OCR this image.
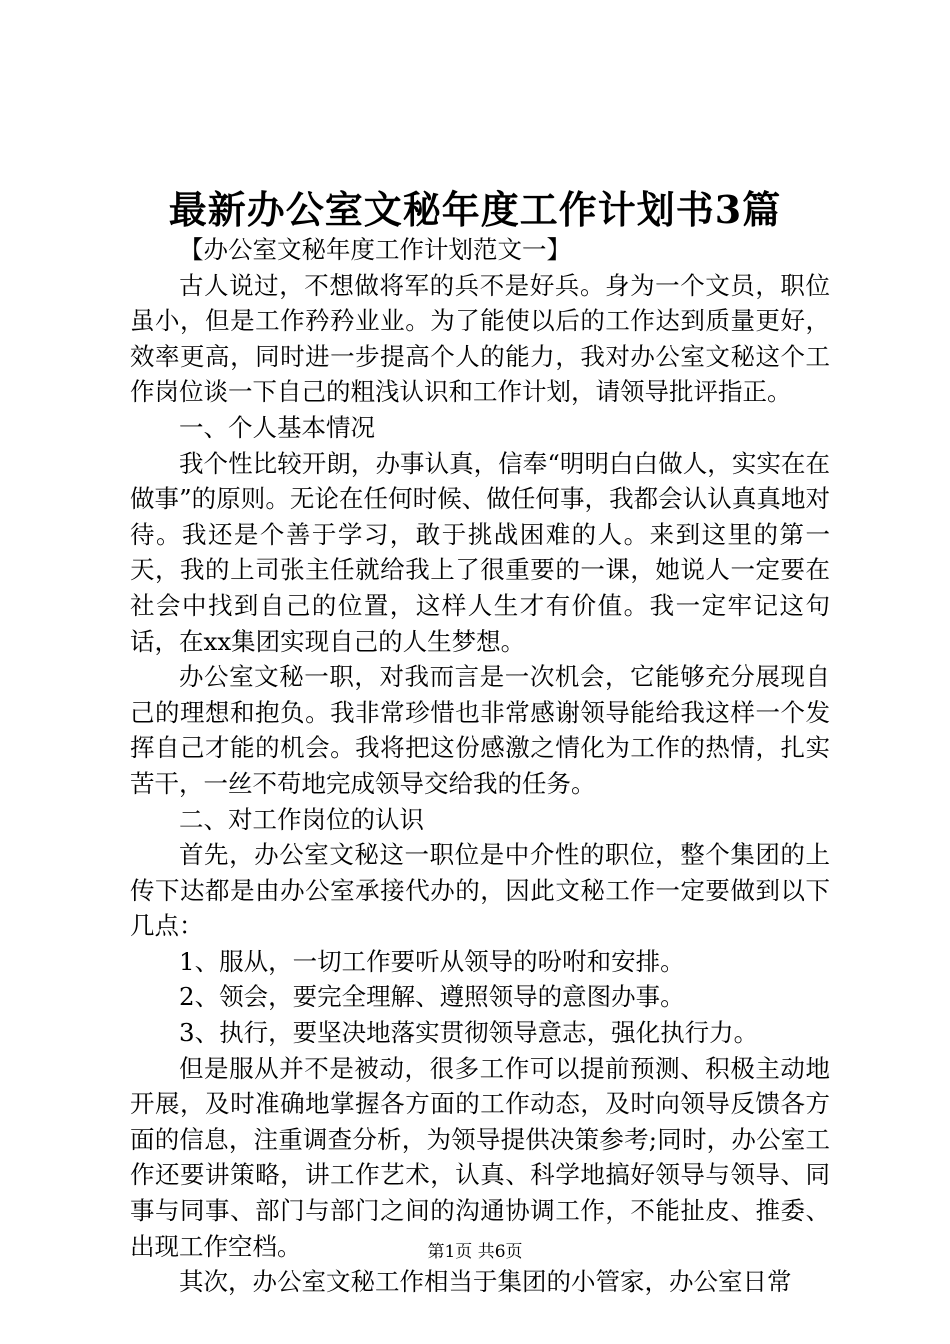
最新办公室文秘年度工作计划书3篇

【办公室文秘年度工作计划范文一】

古人说过，不想做将军的兵不是好兵。身为一个文员，职位虽小，但是工作矜矜业业。为了能使以后的工作达到质量更好，效率更高，同时进一步提高个人的能力，我对办公室文秘这个工作岗位谈一下自己的粗浅认识和工作计划，请领导批评指正。

一、个人基本情况

我个性比较开朗，办事认真，信奉“明明白白做人，实实在在做事”的原则。无论在任何时候、做任何事，我都会认认真真地对待。我还是个善于学习，敢于挑战困难的人。来到这里的第一天，我的上司张主任就给我上了很重要的一课，她说人一定要在社会中找到自己的位置，这样人生才有价值。我一定牢记这句话，在xx集团实现自己的人生梦想。

办公室文秘一职，对我而言是一次机会，它能够充分展现自己的理想和抱负。我非常珍惜也非常感谢领导能给我这样一个发挥自己才能的机会。我将把这份感激之情化为工作的热情，扎实苦干，一丝不苟地完成领导交给我的任务。

二、对工作岗位的认识

首先，办公室文秘这一职位是中介性的职位，整个集团的上传下达都是由办公室承接代办的，因此文秘工作一定要做到以下几点：

1、服从，一切工作要听从领导的吩咐和安排。

2、领会，要完全理解、遵照领导的意图办事。

3、执行，要坚决地落实贯彻领导意志，强化执行力。

但是服从并不是被动，很多工作可以提前预测、积极主动地开展，及时准确地掌握各方面的工作动态，及时向领导反馈各方面的信息，注重调查分析，为领导提供决策参考;同时，办公室工作还要讲策略，讲工作艺术，认真、科学地搞好领导与领导、同事与同事、部门与部门之间的沟通协调工作，不能扯皮、推委、出现工作空档。

其次，办公室文秘工作相当于集团的小管家，办公室日常

第1页 共6页
